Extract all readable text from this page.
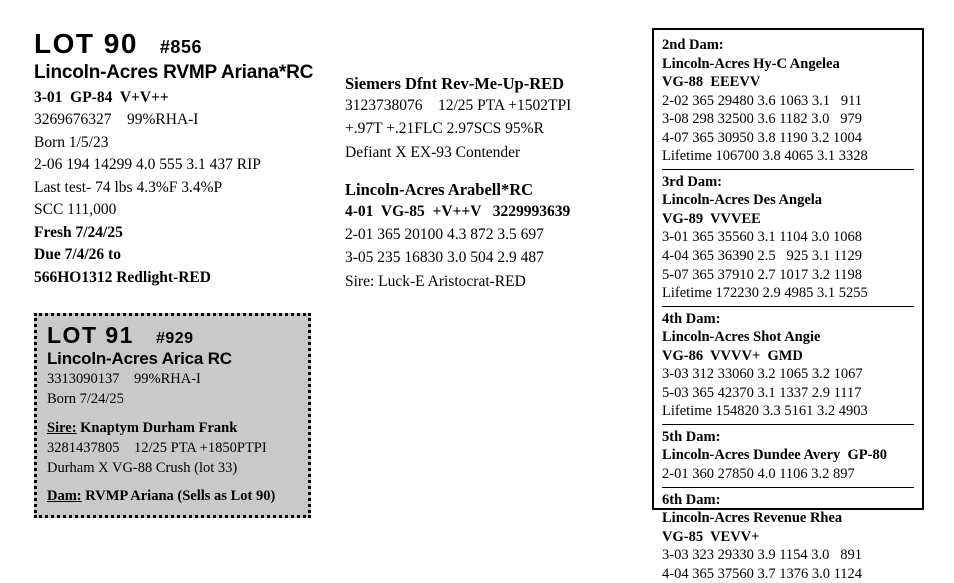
LOT 90 #856
Lincoln-Acres RVMP Ariana*RC
3-01  GP-84  V+V++
3269676327    99%RHA-I
Born 1/5/23
2-06 194 14299 4.0 555 3.1 437 RIP
Last test- 74 lbs 4.3%F 3.4%P
SCC 111,000
Fresh 7/24/25
Due 7/4/26 to
566HO1312 Redlight-RED
LOT 91 #929
Lincoln-Acres Arica RC
3313090137    99%RHA-I
Born 7/24/25
Sire: Knaptym Durham Frank
3281437805    12/25 PTA +1850PTPI
Durham X VG-88 Crush (lot 33)
Dam: RVMP Ariana (Sells as Lot 90)
Siemers Dfnt Rev-Me-Up-RED
3123738076    12/25 PTA +1502TPI
+.97T +.21FLC 2.97SCS 95%R
Defiant X EX-93 Contender
Lincoln-Acres Arabell*RC
4-01  VG-85  +V++V   3229993639
2-01 365 20100 4.3 872 3.5 697
3-05 235 16830 3.0 504 2.9 487
Sire: Luck-E Aristocrat-RED
2nd Dam:
Lincoln-Acres Hy-C Angelea
VG-88  EEEVV
2-02 365 29480 3.6 1063 3.1   911
3-08 298 32500 3.6 1182 3.0   979
4-07 365 30950 3.8 1190 3.2 1004
Lifetime 106700 3.8 4065 3.1 3328
3rd Dam:
Lincoln-Acres Des Angela
VG-89  VVVEE
3-01 365 35560 3.1 1104 3.0 1068
4-04 365 36390 2.5   925 3.1 1129
5-07 365 37910 2.7 1017 3.2 1198
Lifetime 172230 2.9 4985 3.1 5255
4th Dam:
Lincoln-Acres Shot Angie
VG-86  VVVV+  GMD
3-03 312 33060 3.2 1065 3.2 1067
5-03 365 42370 3.1 1337 2.9 1117
Lifetime 154820 3.3 5161 3.2 4903
5th Dam:
Lincoln-Acres Dundee Avery  GP-80
2-01 360 27850 4.0 1106 3.2 897
6th Dam:
Lincoln-Acres Revenue Rhea
VG-85  VEVV+
3-03 323 29330 3.9 1154 3.0   891
4-04 365 37560 3.7 1376 3.0 1124
